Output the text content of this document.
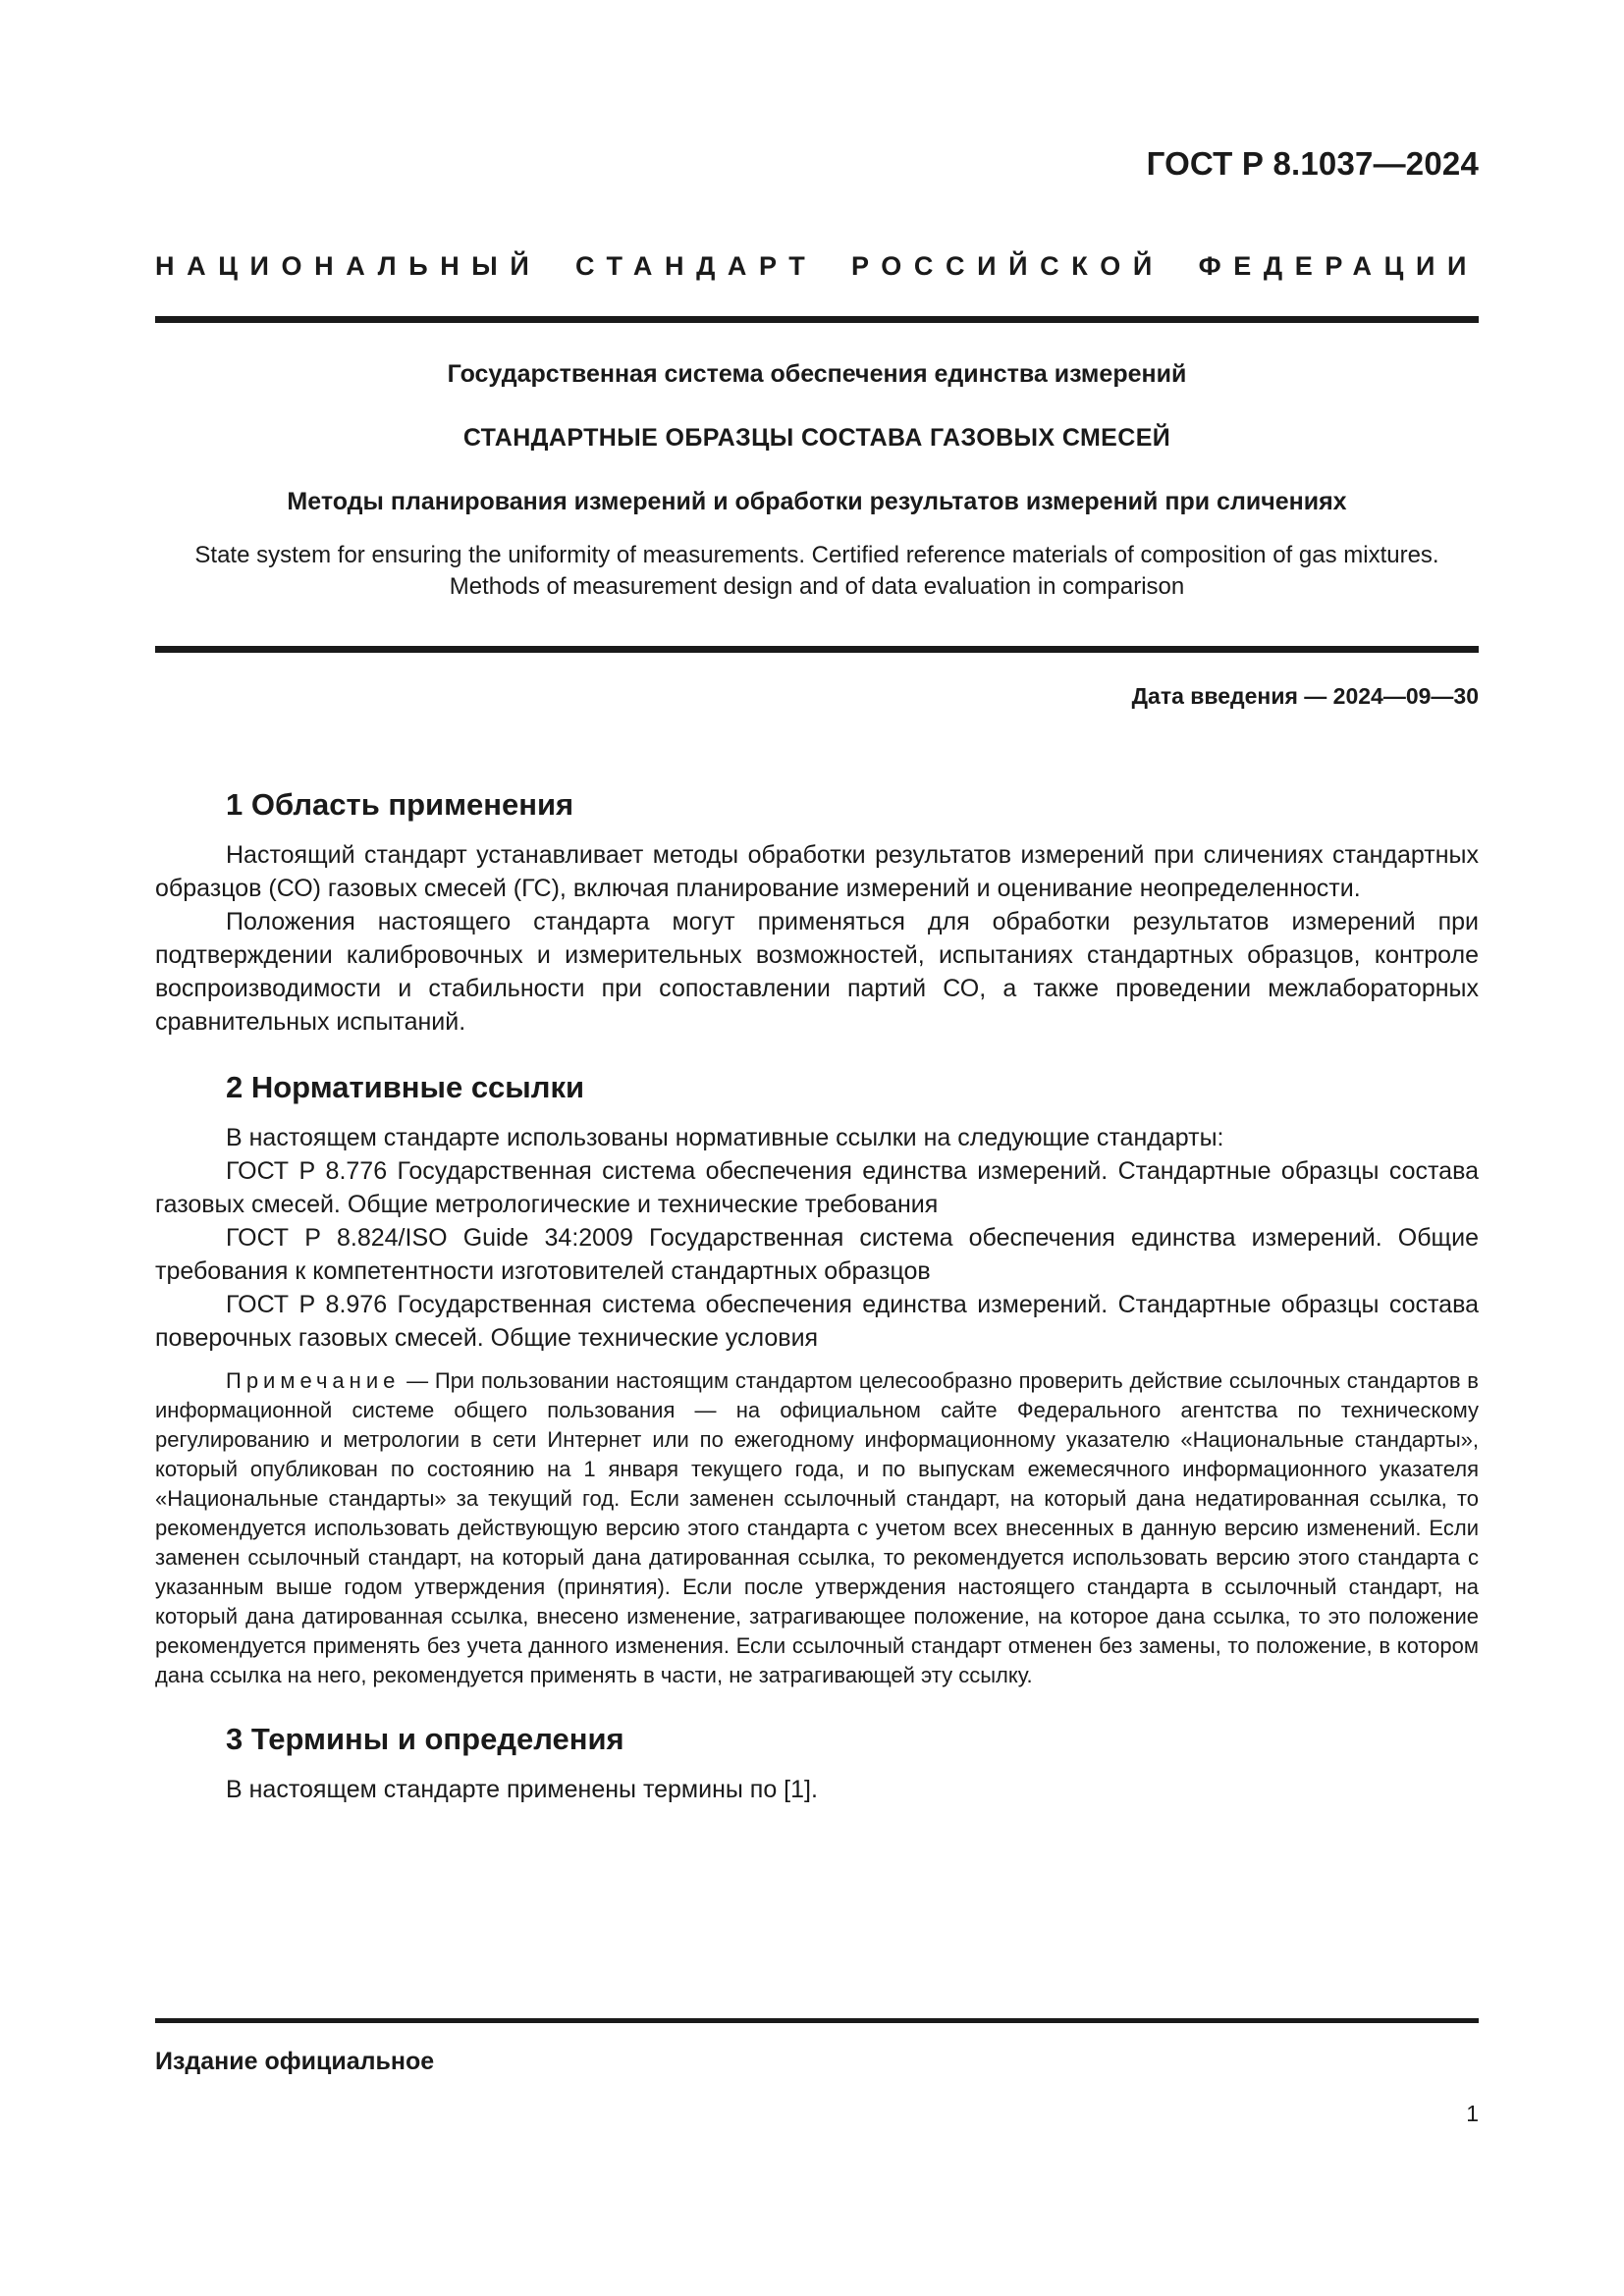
ГОСТ Р 8.1037—2024
НАЦИОНАЛЬНЫЙ СТАНДАРТ РОССИЙСКОЙ ФЕДЕРАЦИИ
Государственная система обеспечения единства измерений
СТАНДАРТНЫЕ ОБРАЗЦЫ СОСТАВА ГАЗОВЫХ СМЕСЕЙ
Методы планирования измерений и обработки результатов измерений при сличениях
State system for ensuring the uniformity of measurements. Certified reference materials of composition of gas mixtures.
Methods of measurement design and of data evaluation in comparison
Дата введения — 2024—09—30
1 Область применения

Настоящий стандарт устанавливает методы обработки результатов измерений при сличениях стандартных образцов (СО) газовых смесей (ГС), включая планирование измерений и оценивание неопределенности.

Положения настоящего стандарта могут применяться для обработки результатов измерений при подтверждении калибровочных и измерительных возможностей, испытаниях стандартных образцов, контроле воспроизводимости и стабильности при сопоставлении партий СО, а также проведении межлабораторных сравнительных испытаний.

2 Нормативные ссылки

В настоящем стандарте использованы нормативные ссылки на следующие стандарты:

ГОСТ Р 8.776 Государственная система обеспечения единства измерений. Стандартные образцы состава газовых смесей. Общие метрологические и технические требования

ГОСТ Р 8.824/ISO Guide 34:2009 Государственная система обеспечения единства измерений. Общие требования к компетентности изготовителей стандартных образцов

ГОСТ Р 8.976 Государственная система обеспечения единства измерений. Стандартные образцы состава поверочных газовых смесей. Общие технические условия

Примечание — При пользовании настоящим стандартом целесообразно проверить действие ссылочных стандартов в информационной системе общего пользования — на официальном сайте Федерального агентства по техническому регулированию и метрологии в сети Интернет или по ежегодному информационному указателю «Национальные стандарты», который опубликован по состоянию на 1 января текущего года, и по выпускам ежемесячного информационного указателя «Национальные стандарты» за текущий год. Если заменен ссылочный стандарт, на который дана недатированная ссылка, то рекомендуется использовать действующую версию этого стандарта с учетом всех внесенных в данную версию изменений. Если заменен ссылочный стандарт, на который дана датированная ссылка, то рекомендуется использовать версию этого стандарта с указанным выше годом утверждения (принятия). Если после утверждения настоящего стандарта в ссылочный стандарт, на который дана датированная ссылка, внесено изменение, затрагивающее положение, на которое дана ссылка, то это положение рекомендуется применять без учета данного изменения. Если ссылочный стандарт отменен без замены, то положение, в котором дана ссылка на него, рекомендуется применять в части, не затрагивающей эту ссылку.

3 Термины и определения

В настоящем стандарте применены термины по [1].

Издание официальное
1
